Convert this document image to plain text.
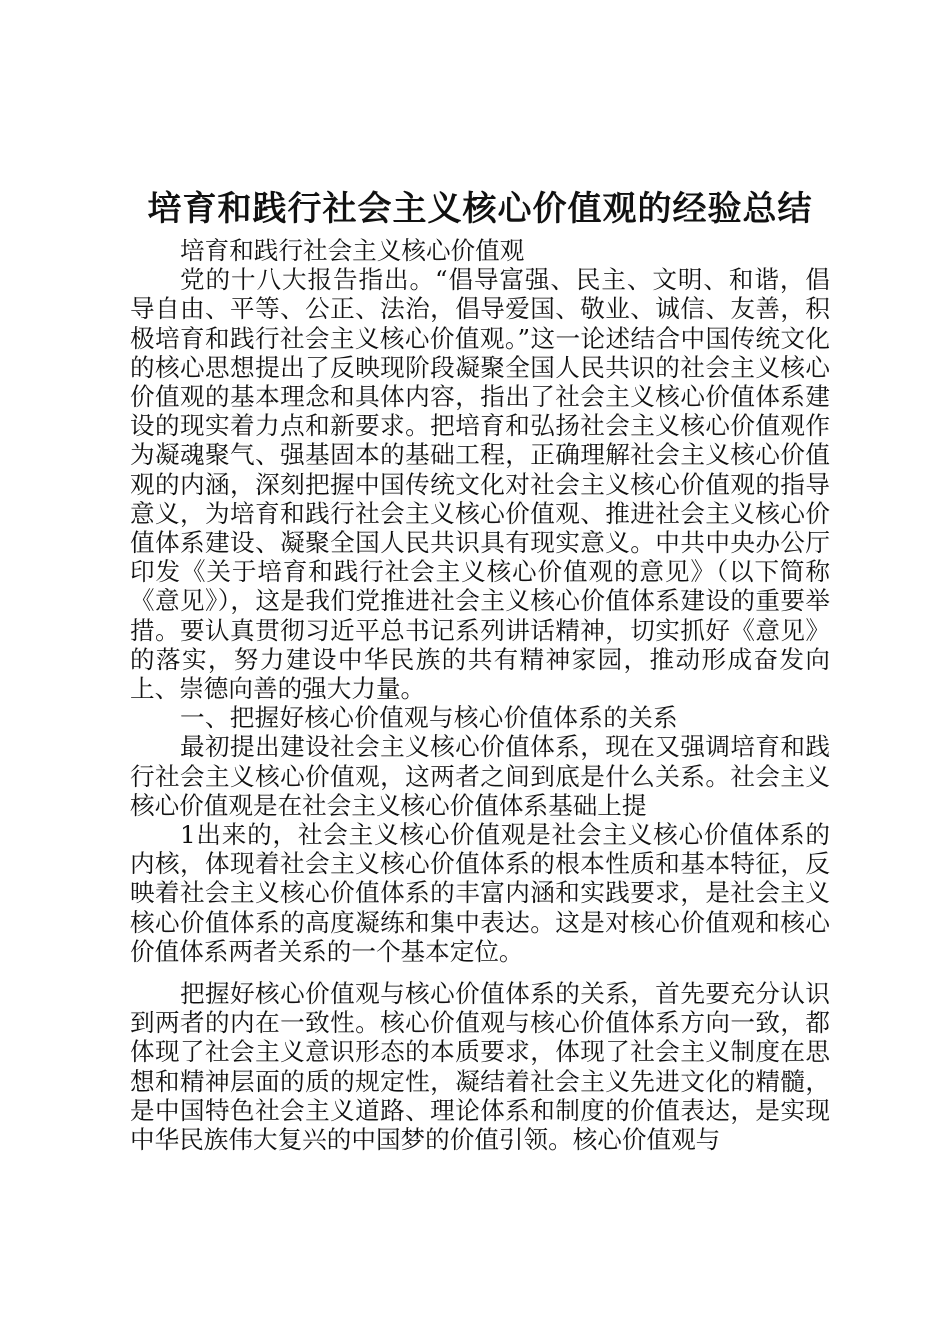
培育和践行社会主义核心价值观的经验总结

培育和践行社会主义核心价值观

党的十八大报告指出。“倡导富强、民主、文明、和谐，倡导自由、平等、公正、法治，倡导爱国、敬业、诚信、友善，积极培育和践行社会主义核心价值观。”这一论述结合中国传统文化的核心思想提出了反映现阶段凝聚全国人民共识的社会主义核心价值观的基本理念和具体内容，指出了社会主义核心价值体系建设的现实着力点和新要求。把培育和弘扬社会主义核心价值观作为凝魂聚气、强基固本的基础工程，正确理解社会主义核心价值观的内涵，深刻把握中国传统文化对社会主义核心价值观的指导意义，为培育和践行社会主义核心价值观、推进社会主义核心价值体系建设、凝聚全国人民共识具有现实意义。中共中央办公厅印发《关于培育和践行社会主义核心价值观的意见》（以下简称《意见》），这是我们党推进社会主义核心价值体系建设的重要举措。要认真贯彻习近平总书记系列讲话精神，切实抓好《意见》的落实，努力建设中华民族的共有精神家园，推动形成奋发向上、崇德向善的强大力量。

一、把握好核心价值观与核心价值体系的关系

最初提出建设社会主义核心价值体系，现在又强调培育和践行社会主义核心价值观，这两者之间到底是什么关系。社会主义核心价值观是在社会主义核心价值体系基础上提

1出来的，社会主义核心价值观是社会主义核心价值体系的内核，体现着社会主义核心价值体系的根本性质和基本特征，反映着社会主义核心价值体系的丰富内涵和实践要求，是社会主义核心价值体系的高度凝练和集中表达。这是对核心价值观和核心价值体系两者关系的一个基本定位。

把握好核心价值观与核心价值体系的关系，首先要充分认识到两者的内在一致性。核心价值观与核心价值体系方向一致，都体现了社会主义意识形态的本质要求，体现了社会主义制度在思想和精神层面的质的规定性，凝结着社会主义先进文化的精髓，是中国特色社会主义道路、理论体系和制度的价值表达，是实现中华民族伟大复兴的中国梦的价值引领。核心价值观与
